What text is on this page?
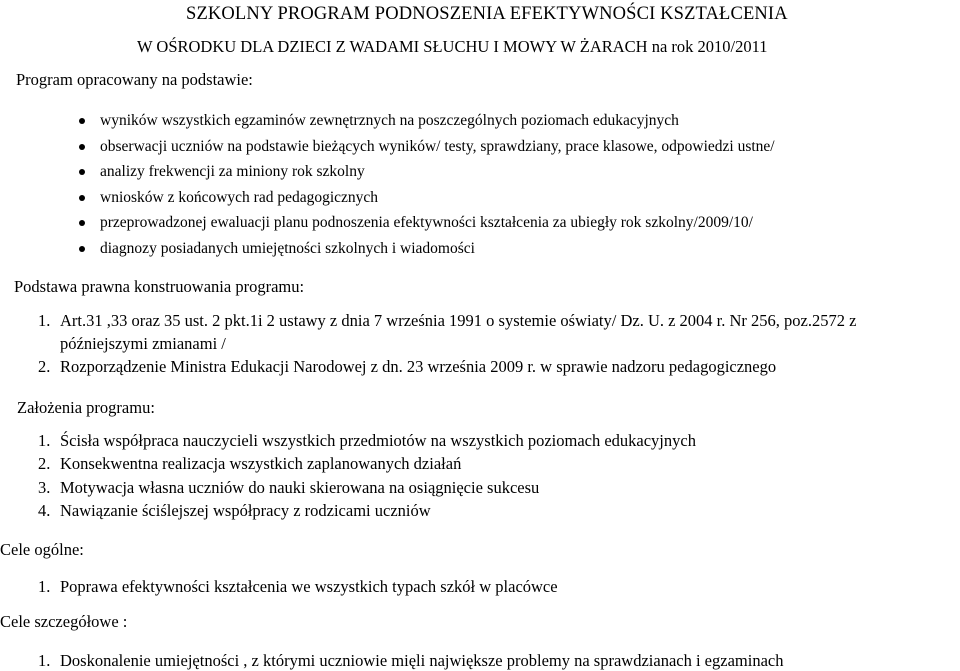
SZKOLNY PROGRAM PODNOSZENIA EFEKTYWNOŚCI KSZTAŁCENIA
W OŚRODKU DLA DZIECI Z WADAMI SŁUCHU I MOWY W ŻARACH na rok 2010/2011
Program opracowany na podstawie:
wyników wszystkich egzaminów zewnętrznych na poszczególnych poziomach edukacyjnych
obserwacji uczniów na podstawie bieżących wyników/ testy, sprawdziany, prace klasowe, odpowiedzi ustne/
analizy frekwencji za miniony rok szkolny
wniosków z końcowych rad pedagogicznych
przeprowadzonej ewaluacji planu podnoszenia efektywności kształcenia za ubiegły rok szkolny/2009/10/
diagnozy posiadanych umiejętności szkolnych i wiadomości
Podstawa prawna konstruowania programu:
1. Art.31 ,33 oraz 35 ust. 2 pkt.1i 2 ustawy z dnia 7 września 1991 o systemie oświaty/ Dz. U. z 2004 r. Nr 256, poz.2572 z
późniejszymi zmianami /
2. Rozporządzenie Ministra Edukacji Narodowej z dn. 23 września 2009 r. w sprawie nadzoru pedagogicznego
Założenia programu:
1. Ścisła współpraca nauczycieli wszystkich przedmiotów na wszystkich poziomach edukacyjnych
2. Konsekwentna realizacja wszystkich zaplanowanych działań
3. Motywacja własna uczniów do nauki skierowana na osiągnięcie sukcesu
4. Nawiązanie ściślejszej współpracy z rodzicami uczniów
Cele ogólne:
1. Poprawa efektywności kształcenia we wszystkich typach szkół w placówce
Cele szczegółowe :
1. Doskonalenie umiejętności , z którymi uczniowie mięli największe problemy na sprawdzianach i egzaminach
